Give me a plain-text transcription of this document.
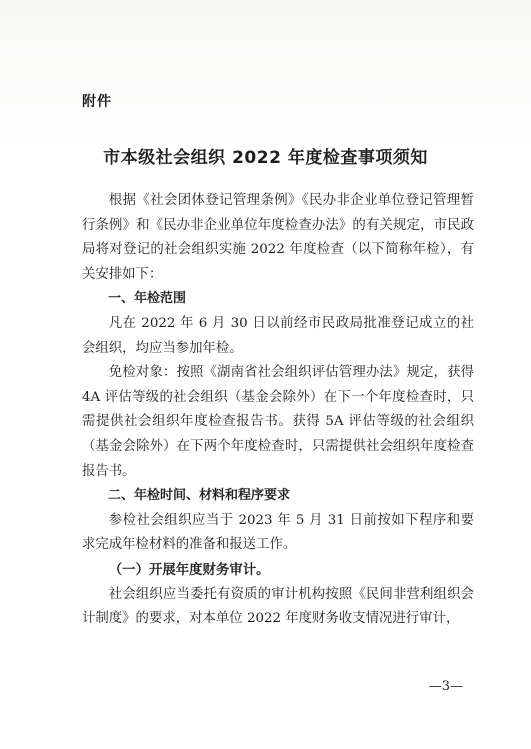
附件
市本级社会组织 2022 年度检查事项须知

根据《社会团体登记管理条例》《民办非企业单位登记管理暂行条例》和《民办非企业单位年度检查办法》的有关规定，市民政局将对登记的社会组织实施 2022 年度检查（以下简称年检），有关安排如下：

一、年检范围

凡在 2022 年 6 月 30 日以前经市民政局批准登记成立的社会组织，均应当参加年检。

免检对象：按照《湖南省社会组织评估管理办法》规定，获得 4A 评估等级的社会组织（基金会除外）在下一个年度检查时，只需提供社会组织年度检查报告书。获得 5A 评估等级的社会组织（基金会除外）在下两个年度检查时，只需提供社会组织年度检查报告书。

二、年检时间、材料和程序要求

参检社会组织应当于 2023 年 5 月 31 日前按如下程序和要求完成年检材料的准备和报送工作。

（一）开展年度财务审计。

社会组织应当委托有资质的审计机构按照《民间非营利组织会计制度》的要求，对本单位 2022 年度财务收支情况进行审计，

—3—
